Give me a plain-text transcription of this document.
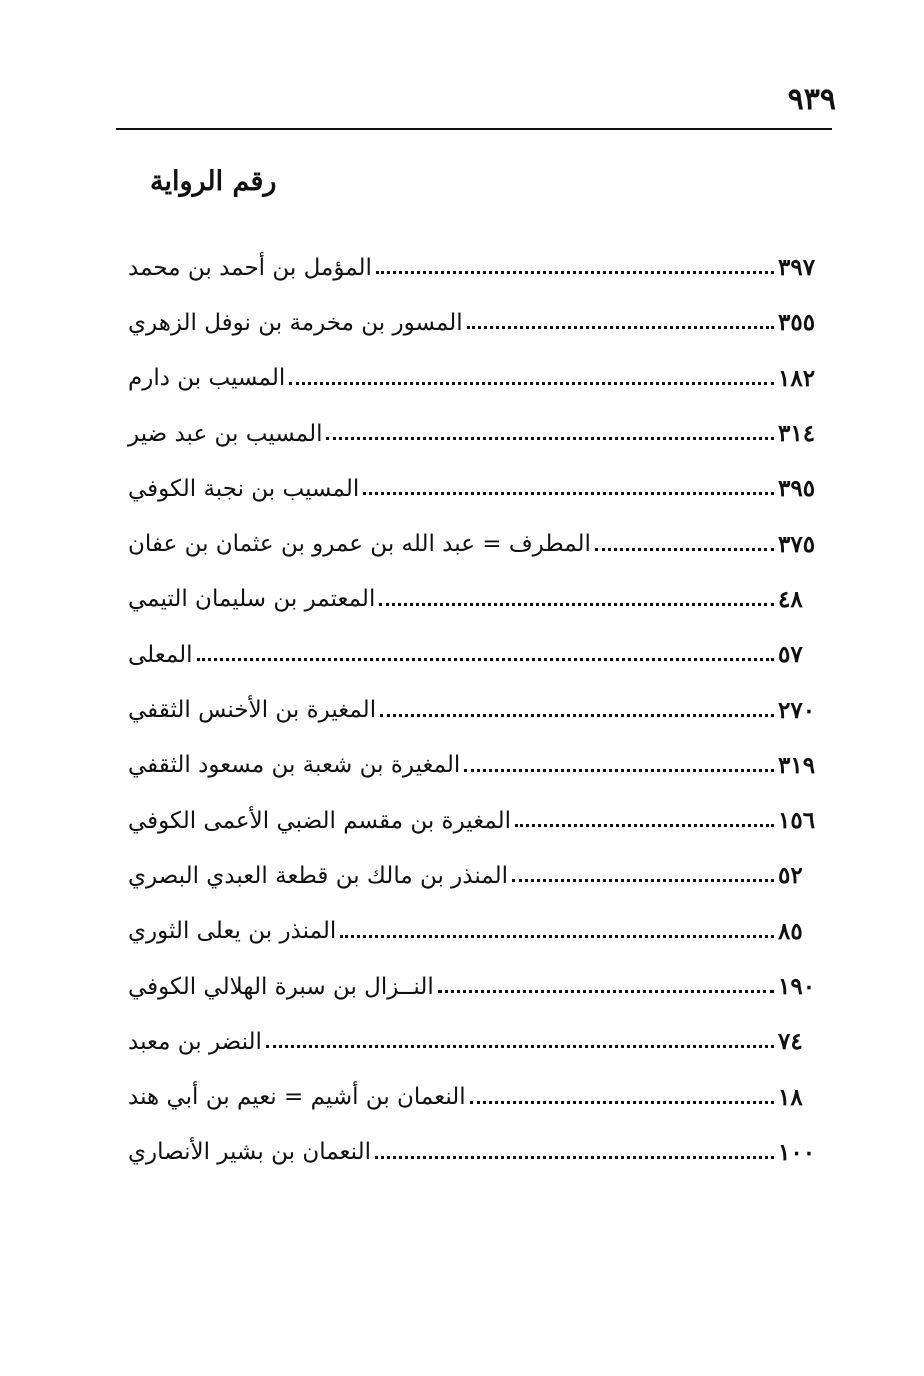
٩٣٩
رقم الرواية
المؤمل بن أحمد بن محمد	٣٩٧
المسور بن مخرمة بن نوفل الزهري	٣٥٥
المسيب بن دارم	١٨٢
المسيب بن عبد ضير	٣١٤
المسيب بن نجبة الكوفي	٣٩٥
المطرف = عبد الله بن عمرو بن عثمان بن عفان	٣٧٥
المعتمر بن سليمان التيمي	٤٨
المعلى	٥٧
المغيرة بن الأخنس الثقفي	٢٧٠
المغيرة بن شعبة بن مسعود الثقفي	٣١٩
المغيرة بن مقسم الضبي الأعمى الكوفي	١٥٦
المنذر بن مالك بن قطعة العبدي البصري	٥٢
المنذر بن يعلى الثوري	٨٥
النــزال بن سبرة الهلالي الكوفي	١٩٠
النضر بن معبد	٧٤
النعمان بن أشيم = نعيم بن أبي هند	١٨
النعمان بن بشير الأنصاري	١٠٠
